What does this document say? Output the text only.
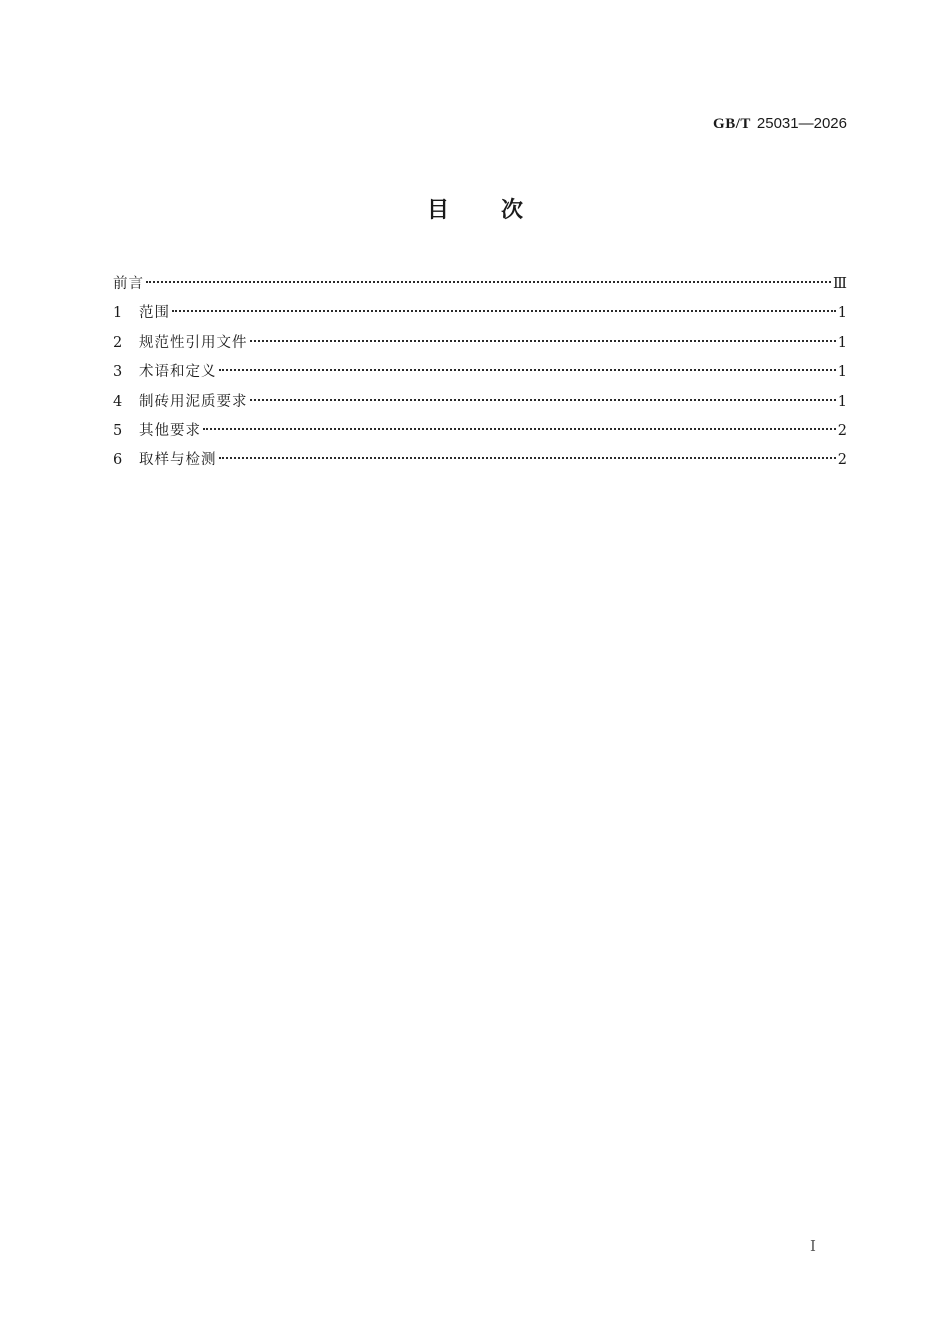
GB/T 25031—2026
目次
前言	Ⅲ
1	范围	1
2	规范性引用文件	1
3	术语和定义	1
4	制砖用泥质要求	1
5	其他要求	2
6	取样与检测	2
I
